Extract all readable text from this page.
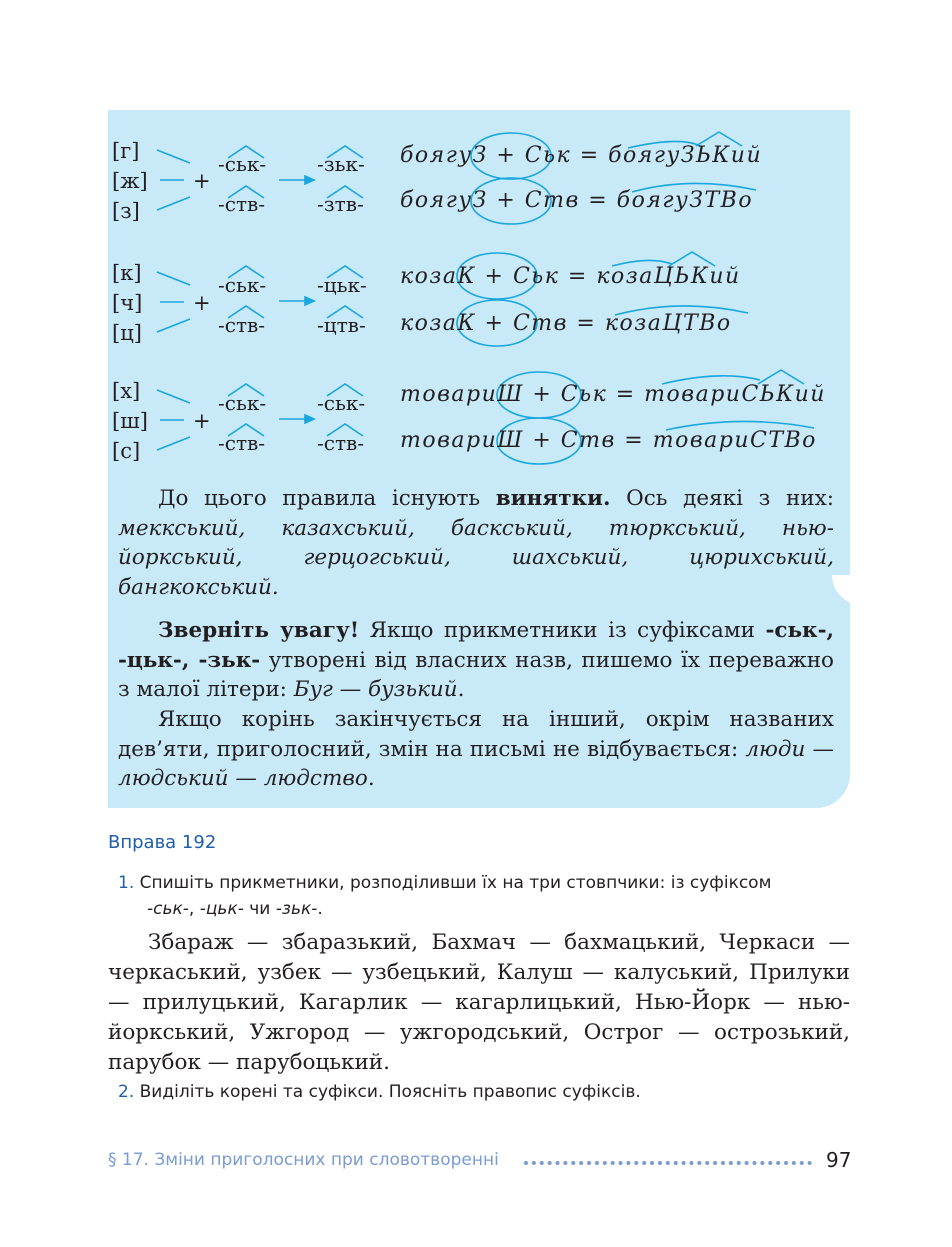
[г]
[ж]
[з]
+
-ськ-
-ств-
-зьк-
-зтв-
боягуЗ + Ськ = боягуЗЬКий
боягуЗ + Ств = боягуЗТВо
[к]
[ч]
[ц]
+
-ськ-
-ств-
-цьк-
-цтв-
козаК + Ськ = козаЦЬКий
козаК + Ств = козаЦТВо
[х]
[ш]
[с]
+
-ськ-
-ств-
-ськ-
-ств-
товариШ + Ськ = товариСЬКий
товариШ + Ств = товариСТВо
До цього правила існують винятки. Ось деякі з них: меккський, казахський, баскський, тюркський, нью-йоркський, герцогський, шахський, цюрихський, бангкокський.
Зверніть увагу! Якщо прикметники із суфіксами -ськ-, -цьк-, -зьк- утворені від власних назв, пишемо їх переважно з малої літери: Буг — бузький.
Якщо корінь закінчується на інший, окрім названих дев’яти, приголосний, змін на письмі не відбувається: люди — людський — людство.
Вправа 192
1. Спишіть прикметники, розподіливши їх на три стовпчики: із суфіксом
-ськ-, -цьк- чи -зьк-.
Збараж — збаразький, Бахмач — бахмацький, Черкаси — черкаський, узбек — узбецький, Калуш — калуський, Прилуки — прилуцький, Кагарлик — кагарлицький, Нью-Йорк — нью-йоркський, Ужгород — ужгородський, Острог — острозький, парубок — парубоцький.
2. Виділіть корені та суфікси. Поясніть правопис суфіксів.
§ 17. Зміни приголосних при словотворенні	97
